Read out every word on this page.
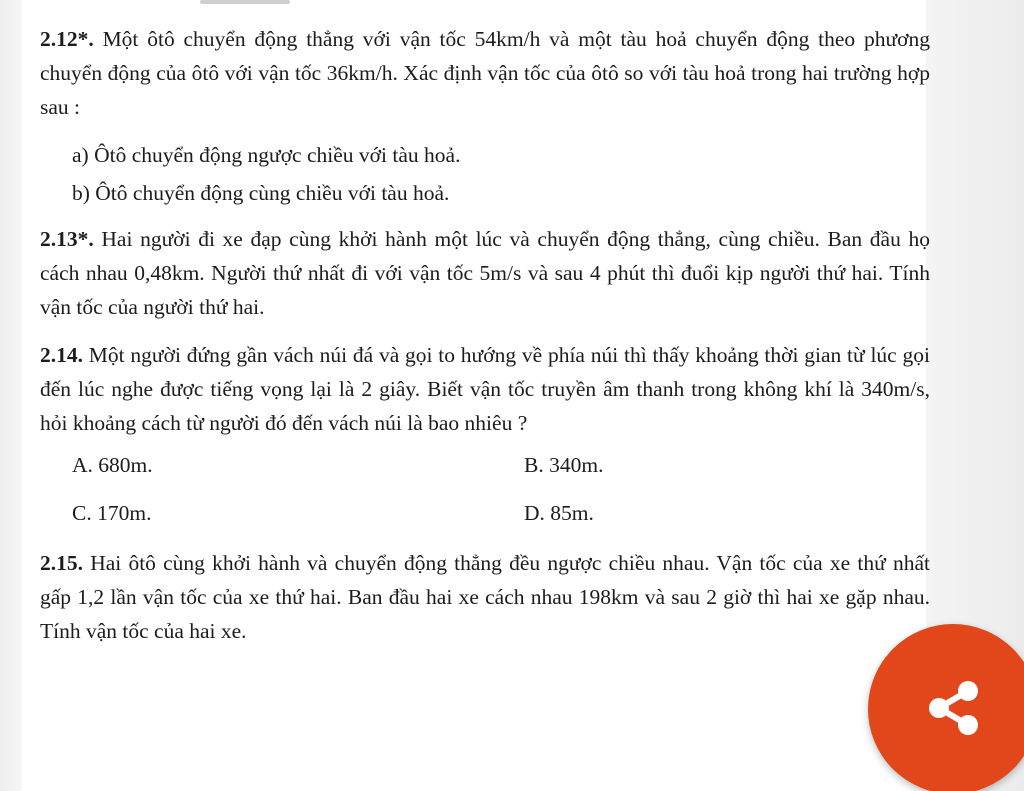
2.12*. Một ôtô chuyển động thẳng với vận tốc 54km/h và một tàu hoả chuyển động theo phương chuyển động của ôtô với vận tốc 36km/h. Xác định vận tốc của ôtô so với tàu hoả trong hai trường hợp sau :

a) Ôtô chuyển động ngược chiều với tàu hoả.
b) Ôtô chuyển động cùng chiều với tàu hoả.

2.13*. Hai người đi xe đạp cùng khởi hành một lúc và chuyển động thẳng, cùng chiều. Ban đầu họ cách nhau 0,48km. Người thứ nhất đi với vận tốc 5m/s và sau 4 phút thì đuổi kịp người thứ hai. Tính vận tốc của người thứ hai.

2.14. Một người đứng gần vách núi đá và gọi to hướng về phía núi thì thấy khoảng thời gian từ lúc gọi đến lúc nghe được tiếng vọng lại là 2 giây. Biết vận tốc truyền âm thanh trong không khí là 340m/s, hỏi khoảng cách từ người đó đến vách núi là bao nhiêu ?

A. 680m.	B. 340m.
C. 170m.	D. 85m.

2.15. Hai ôtô cùng khởi hành và chuyển động thẳng đều ngược chiều nhau. Vận tốc của xe thứ nhất gấp 1,2 lần vận tốc của xe thứ hai. Ban đầu hai xe cách nhau 198km và sau 2 giờ thì hai xe gặp nhau. Tính vận tốc của hai xe.
